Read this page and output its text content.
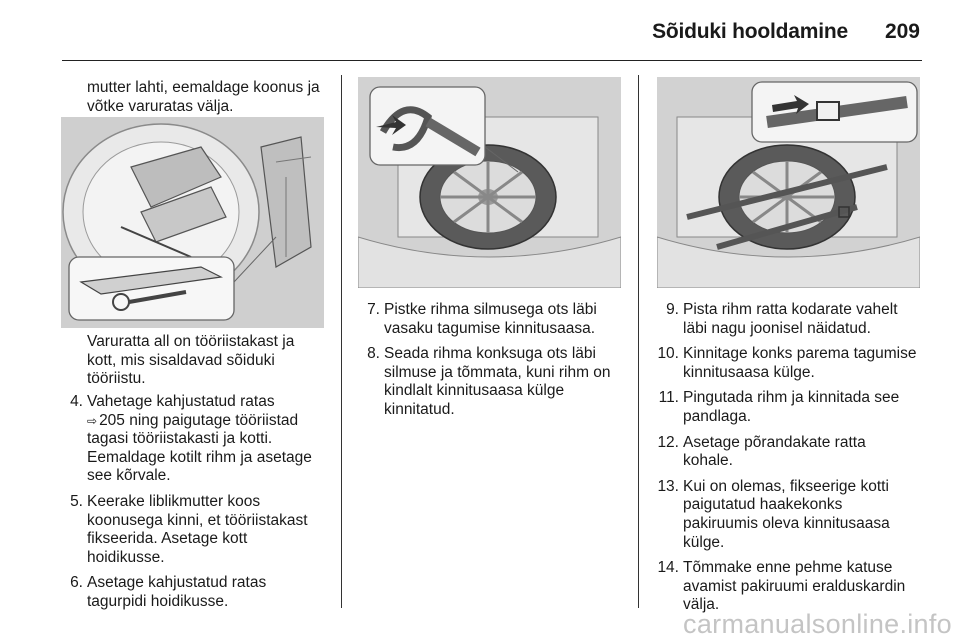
Sõiduki hooldamine 209

mutter lahti, eemaldage koonus ja

võtke varuratas välja.

Varuratta all on tööriistakast ja

kott, mis sisaldavad sõiduki

tööriistu.

4. Vahetage kahjustatud ratas
⇨ 205 ning paigutage tööriistad
tagasi tööriistakasti ja kotti.
Eemaldage kotilt rihm ja asetage
see kõrvale.
5. Keerake liblikmutter koos
koonusega kinni, et tööriistakast
fikseerida. Asetage kott
hoidikusse.
6. Asetage kahjustatud ratas
tagurpidi hoidikusse.
7. Pistke rihma silmusega ots läbi
vasaku tagumise kinnitusaasa.
8. Seada rihma konksuga ots läbi
silmuse ja tõmmata, kuni rihm on
kindlalt kinnitusaasa külge
kinnitatud.
9. Pista rihm ratta kodarate vahelt
läbi nagu joonisel näidatud.
10. Kinnitage konks parema tagumise
kinnitusaasa külge.
11. Pingutada rihm ja kinnitada see
pandlaga.
12. Asetage põrandakate ratta
kohale.
13. Kui on olemas, fikseerige kotti
paigutatud haakekonks
pakiruumis oleva kinnitusaasa
külge.
14. Tõmmake enne pehme katuse
avamist pakiruumi eralduskardin
välja.
carmanualsonline.info
